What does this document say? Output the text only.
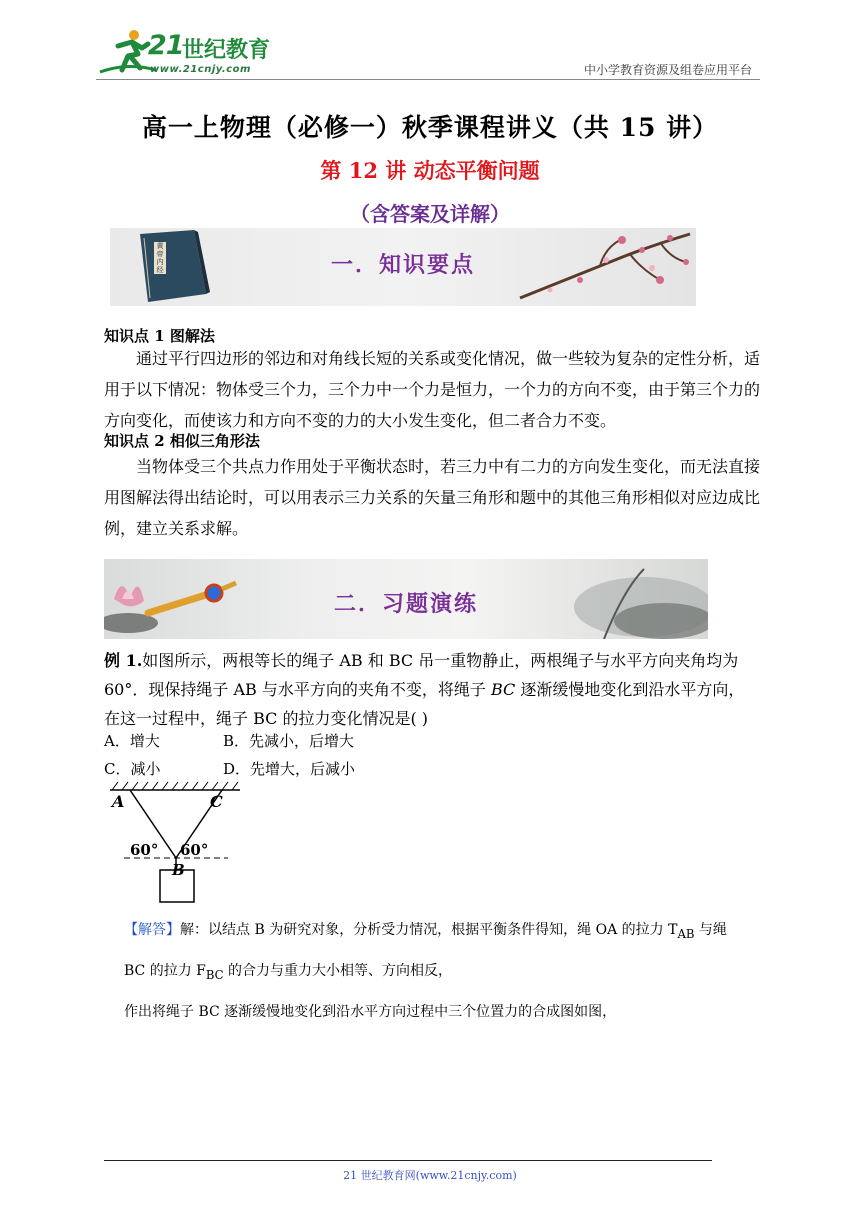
21
世纪教育
www.21cnjy.com	中小学教育资源及组卷应用平台
高一上物理（必修一）秋季课程讲义（共 15 讲）
第 12 讲 动态平衡问题
（含答案及详解）
黄帝内经	一．知识要点
知识点 1 图解法
通过平行四边形的邻边和对角线长短的关系或变化情况，做一些较为复杂的定性分析，适用于以下情况：物体受三个力，三个力中一个力是恒力，一个力的方向不变，由于第三个力的方向变化，而使该力和方向不变的力的大小发生变化，但二者合力不变。
知识点 2 相似三角形法
当物体受三个共点力作用处于平衡状态时，若三力中有二力的方向发生变化，而无法直接用图解法得出结论时，可以用表示三力关系的矢量三角形和题中的其他三角形相似对应边成比例，建立关系求解。
二．习题演练
例 1.如图所示，两根等长的绳子 AB 和 BC 吊一重物静止，两根绳子与水平方向夹角均为
60°．现保持绳子 AB 与水平方向的夹角不变，将绳子 BC 逐渐缓慢地变化到沿水平方向，
在这一过程中，绳子 BC 的拉力变化情况是( )
A．增大	B．先减小，后增大
C．减小	D．先增大，后减小
A	C
60° 60°
B
【解答】解：以结点 B 为研究对象，分析受力情况，根据平衡条件得知，绳 OA 的拉力 $T_{AB}$ 与绳
BC 的拉力 $F_{BC}$ 的合力与重力大小相等、方向相反，
作出将绳子 BC 逐渐缓慢地变化到沿水平方向过程中三个位置力的合成图如图，
21 世纪教育网(www.21cnjy.com)
